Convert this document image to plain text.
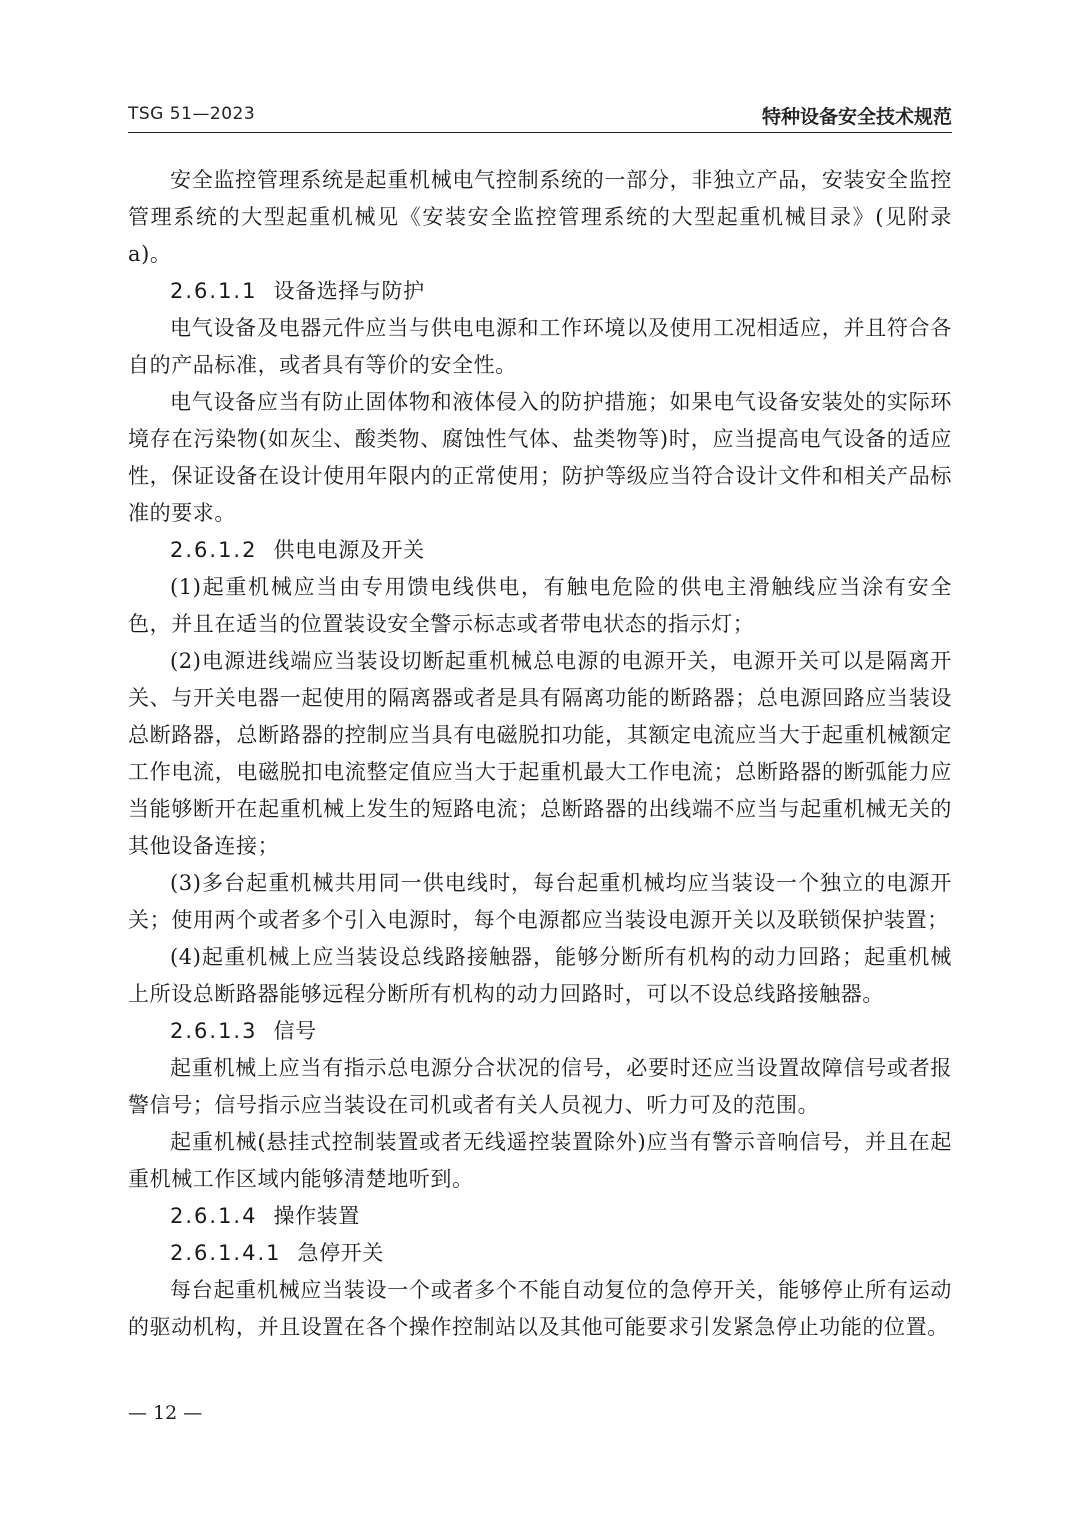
TSG 51—2023	特种设备安全技术规范

安全监控管理系统是起重机械电气控制系统的一部分，非独立产品，安装安全监控管理系统的大型起重机械见《安装安全监控管理系统的大型起重机械目录》(见附录 a)。

2.6.1.1 设备选择与防护

电气设备及电器元件应当与供电电源和工作环境以及使用工况相适应，并且符合各自的产品标准，或者具有等价的安全性。

电气设备应当有防止固体物和液体侵入的防护措施；如果电气设备安装处的实际环境存在污染物(如灰尘、酸类物、腐蚀性气体、盐类物等)时，应当提高电气设备的适应性，保证设备在设计使用年限内的正常使用；防护等级应当符合设计文件和相关产品标准的要求。

2.6.1.2 供电电源及开关

(1)起重机械应当由专用馈电线供电，有触电危险的供电主滑触线应当涂有安全色，并且在适当的位置装设安全警示标志或者带电状态的指示灯；

(2)电源进线端应当装设切断起重机械总电源的电源开关，电源开关可以是隔离开关、与开关电器一起使用的隔离器或者是具有隔离功能的断路器；总电源回路应当装设总断路器，总断路器的控制应当具有电磁脱扣功能，其额定电流应当大于起重机械额定工作电流，电磁脱扣电流整定值应当大于起重机最大工作电流；总断路器的断弧能力应当能够断开在起重机械上发生的短路电流；总断路器的出线端不应当与起重机械无关的其他设备连接；

(3)多台起重机械共用同一供电线时，每台起重机械均应当装设一个独立的电源开关；使用两个或者多个引入电源时，每个电源都应当装设电源开关以及联锁保护装置；

(4)起重机械上应当装设总线路接触器，能够分断所有机构的动力回路；起重机械上所设总断路器能够远程分断所有机构的动力回路时，可以不设总线路接触器。

2.6.1.3 信号

起重机械上应当有指示总电源分合状况的信号，必要时还应当设置故障信号或者报警信号；信号指示应当装设在司机或者有关人员视力、听力可及的范围。

起重机械(悬挂式控制装置或者无线遥控装置除外)应当有警示音响信号，并且在起重机械工作区域内能够清楚地听到。

2.6.1.4 操作装置
2.6.1.4.1 急停开关

每台起重机械应当装设一个或者多个不能自动复位的急停开关，能够停止所有运动的驱动机构，并且设置在各个操作控制站以及其他可能要求引发紧急停止功能的位置。

— 12 —
